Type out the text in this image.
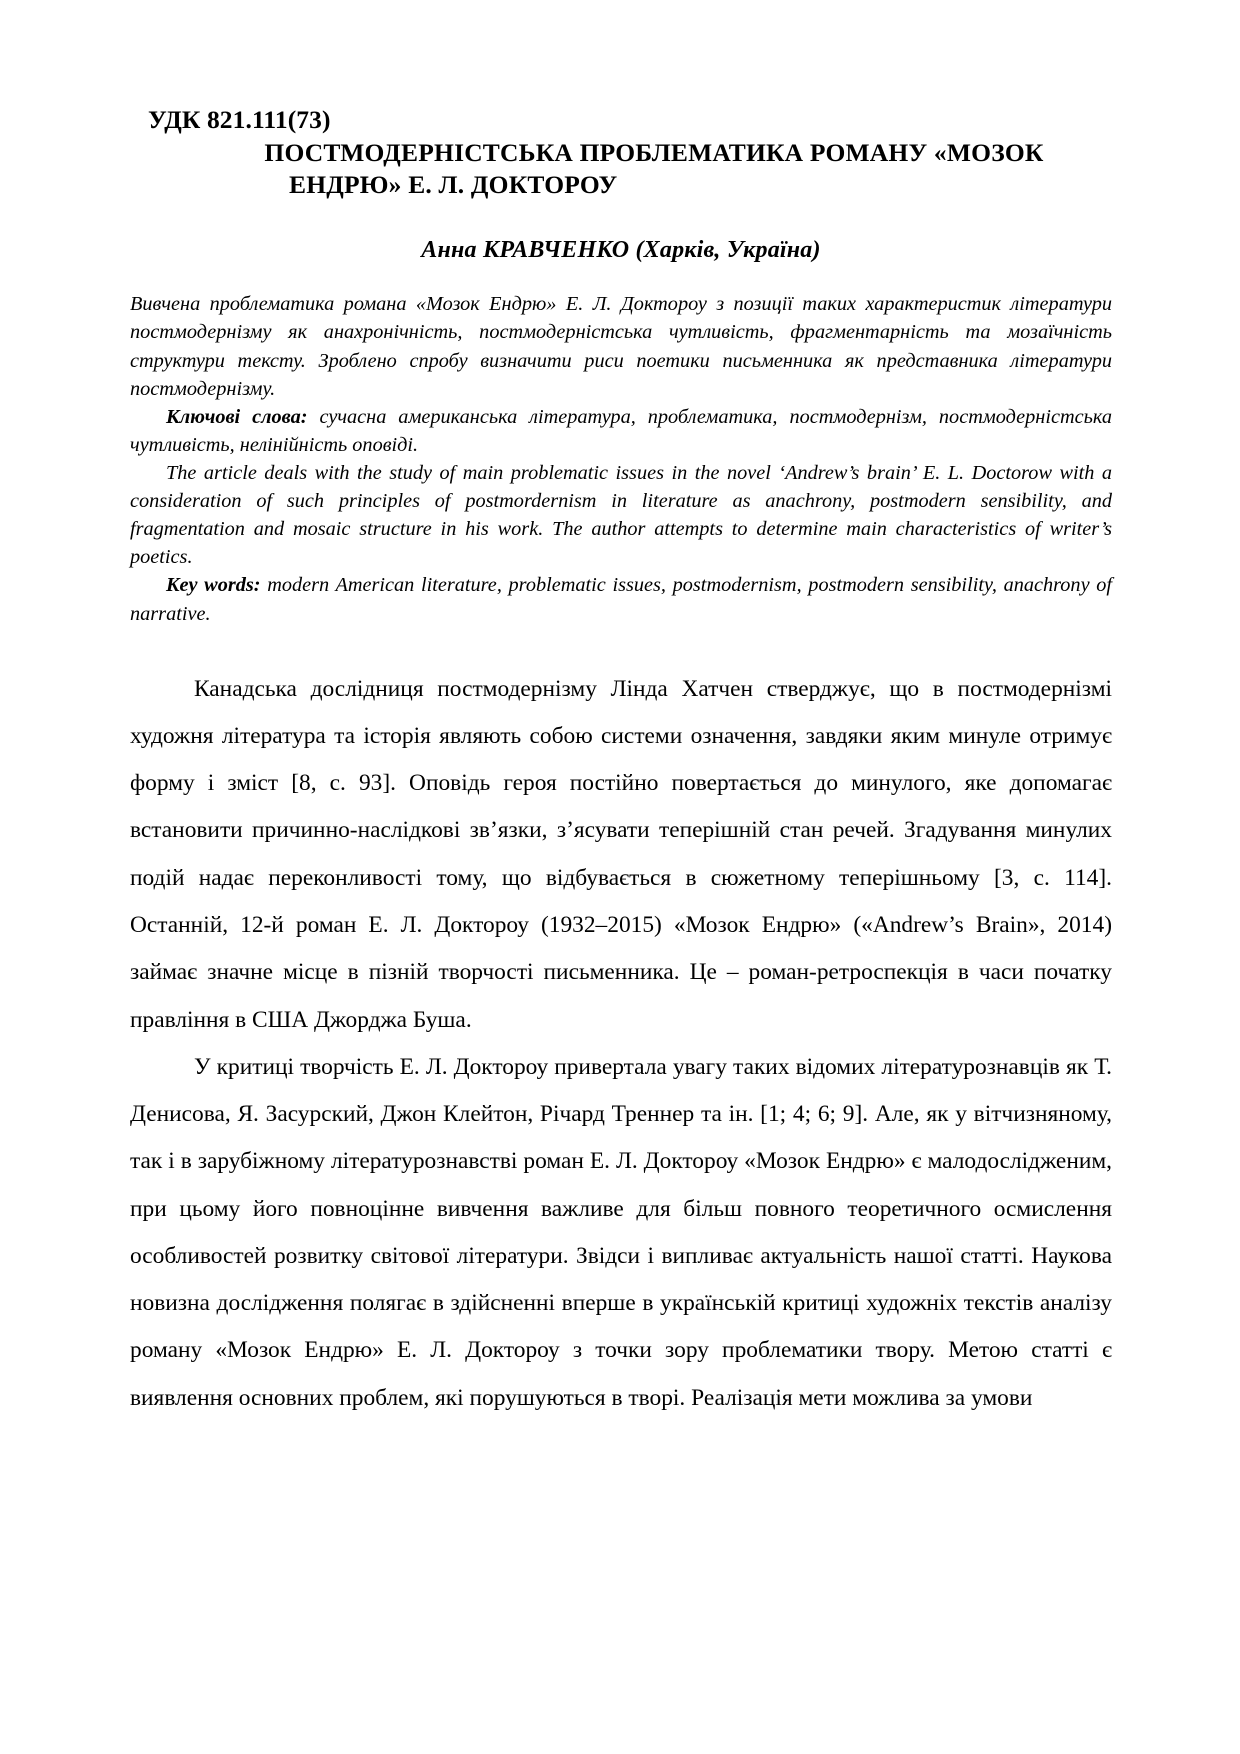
УДК 821.111(73)
ПОСТМОДЕРНІСТСЬКА ПРОБЛЕМАТИКА РОМАНУ «МОЗОК
ЕНДРЮ» Е. Л. ДОКТОРОУ
Анна КРАВЧЕНКО (Харків, Україна)

Вивчена проблематика романа «Мозок Ендрю» Е. Л. Доктороу з позиції таких характеристик літератури постмодернізму як анахронічність, постмодерністська чутливість, фрагментарність та мозаїчність структури тексту. Зроблено спробу визначити риси поетики письменника як представника літератури постмодернізму.

Ключові слова: сучасна американська література, проблематика, постмодернізм, постмодерністська чутливість, нелінійність оповіді.

The article deals with the study of main problematic issues in the novel ‘Andrew’s brain’ E. L. Doctorow with a consideration of such principles of postmordernism in literature as anachrony, postmodern sensibility, and fragmentation and mosaic structure in his work. The author attempts to determine main characteristics of writer’s poetics.

Key words: modern American literature, problematic issues, postmodernism, postmodern sensibility, anachrony of narrative.

Канадська дослідниця постмодернізму Лінда Хатчен стверджує, що в постмодернізмі художня література та історія являють собою системи означення, завдяки яким минуле отримує форму і зміст [8, с. 93]. Оповідь героя постійно повертається до минулого, яке допомагає встановити причинно-наслідкові зв’язки, з’ясувати теперішній стан речей. Згадування минулих подій надає переконливості тому, що відбувається в сюжетному теперішньому [3, с. 114]. Останній, 12-й роман Е. Л. Доктороу (1932–2015) «Мозок Ендрю» («Andrew’s Brain», 2014) займає значне місце в пізній творчості письменника. Це – роман-ретроспекція в часи початку правління в США Джорджа Буша.

У критиці творчість Е. Л. Доктороу привертала увагу таких відомих літературознавців як Т. Денисова, Я. Засурский, Джон Клейтон, Річард Треннер та ін. [1; 4; 6; 9]. Але, як у вітчизняному, так і в зарубіжному літературознавстві роман Е. Л. Доктороу «Мозок Ендрю» є малодослідженим, при цьому його повноцінне вивчення важливе для більш повного теоретичного осмислення особливостей розвитку світової літератури. Звідси і випливає актуальність нашої статті. Наукова новизна дослідження полягає в здійсненні вперше в українській критиці художніх текстів аналізу роману «Мозок Ендрю» Е. Л. Доктороу з точки зору проблематики твору. Метою статті є виявлення основних проблем, які порушуються в творі. Реалізація мети можлива за умови
